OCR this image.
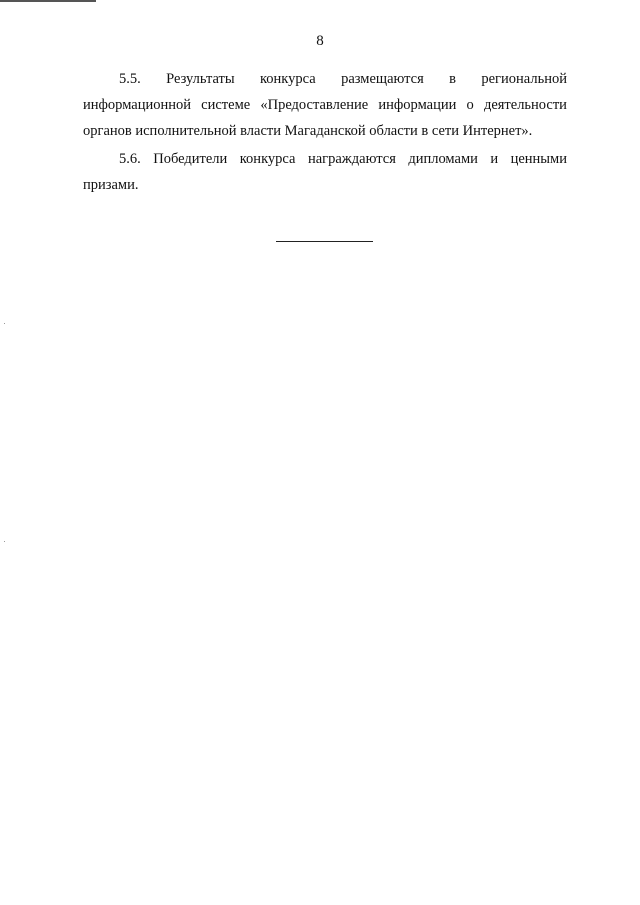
8
5.5. Результаты конкурса размещаются в региональной
информационной системе «Предоставление информации о деятельности
органов исполнительной власти Магаданской области в сети Интернет».
5.6. Победители конкурса награждаются дипломами и ценными
призами.
